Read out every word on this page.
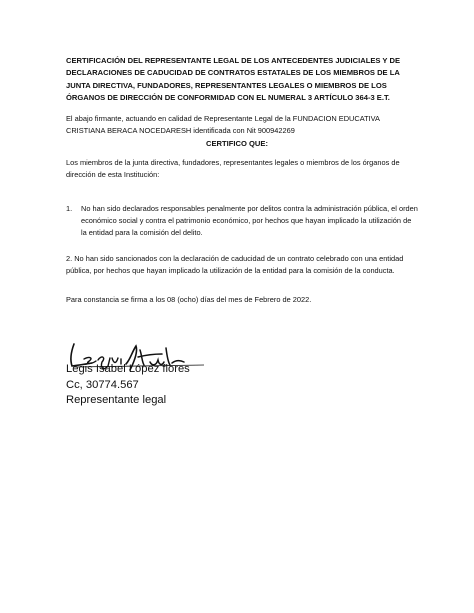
CERTIFICACIÓN DEL REPRESENTANTE LEGAL DE LOS ANTECEDENTES JUDICIALES Y DE DECLARACIONES DE CADUCIDAD DE CONTRATOS ESTATALES DE LOS MIEMBROS DE LA JUNTA DIRECTIVA, FUNDADORES, REPRESENTANTES LEGALES O MIEMBROS DE LOS ÓRGANOS DE DIRECCIÓN DE CONFORMIDAD CON EL NUMERAL 3 ARTÍCULO 364-3 E.T.

El abajo firmante, actuando en calidad de Representante Legal de la FUNDACION EDUCATIVA CRISTIANA BERACA NOCEDARESH identificada con Nit 900942269

CERTIFICO QUE:

Los miembros de la junta directiva, fundadores, representantes legales o miembros de los órganos de dirección de esta Institución:

1.	No han sido declarados responsables penalmente por delitos contra la administración pública, el orden económico social y contra el patrimonio económico, por hechos que hayan implicado la utilización de la entidad para la comisión del delito.

2. No han sido sancionados con la declaración de caducidad de un contrato celebrado con una entidad pública, por hechos que hayan implicado la utilización de la entidad para la comisión de la conducta.

Para constancia se firma a los 08 (ocho) días del mes de Febrero de 2022.

Legis Isabel López flores
Cc, 30774.567
Representante legal
